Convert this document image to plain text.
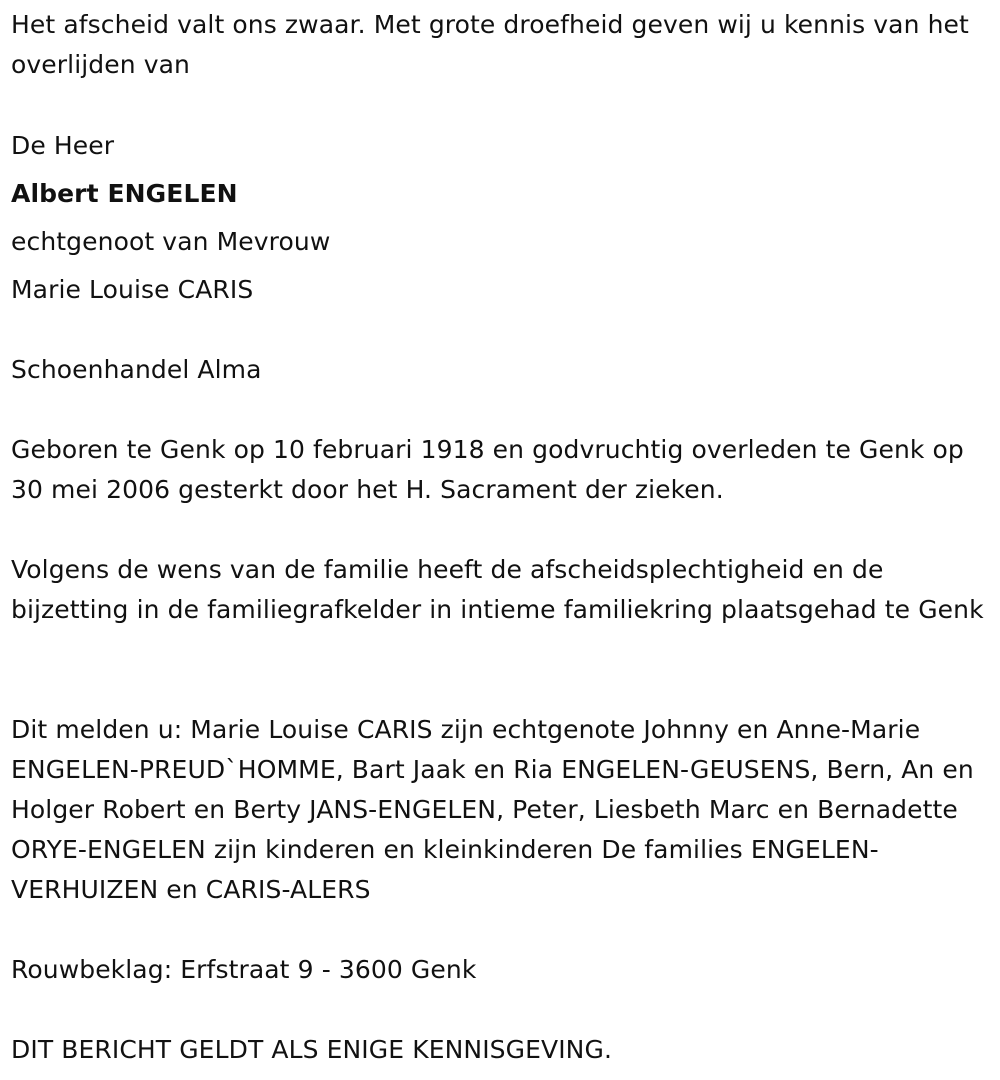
Het afscheid valt ons zwaar. Met grote droefheid geven wij u kennis van het overlijden van

De Heer

Albert ENGELEN

echtgenoot van Mevrouw

Marie Louise CARIS

Schoenhandel Alma

Geboren te Genk op 10 februari 1918 en godvruchtig overleden te Genk op 30 mei 2006 gesterkt door het H. Sacrament der zieken.

Volgens de wens van de familie heeft de afscheidsplechtigheid en de bijzetting in de familiegrafkelder in intieme familiekring plaatsgehad te Genk

Dit melden u: Marie Louise CARIS zijn echtgenote Johnny en Anne-Marie ENGELEN-PREUD`HOMME, Bart Jaak en Ria ENGELEN-GEUSENS, Bern, An en Holger Robert en Berty JANS-ENGELEN, Peter, Liesbeth Marc en Bernadette ORYE-ENGELEN zijn kinderen en kleinkinderen De families ENGELEN-VERHUIZEN en CARIS-ALERS

Rouwbeklag: Erfstraat 9 - 3600 Genk

DIT BERICHT GELDT ALS ENIGE KENNISGEVING.
